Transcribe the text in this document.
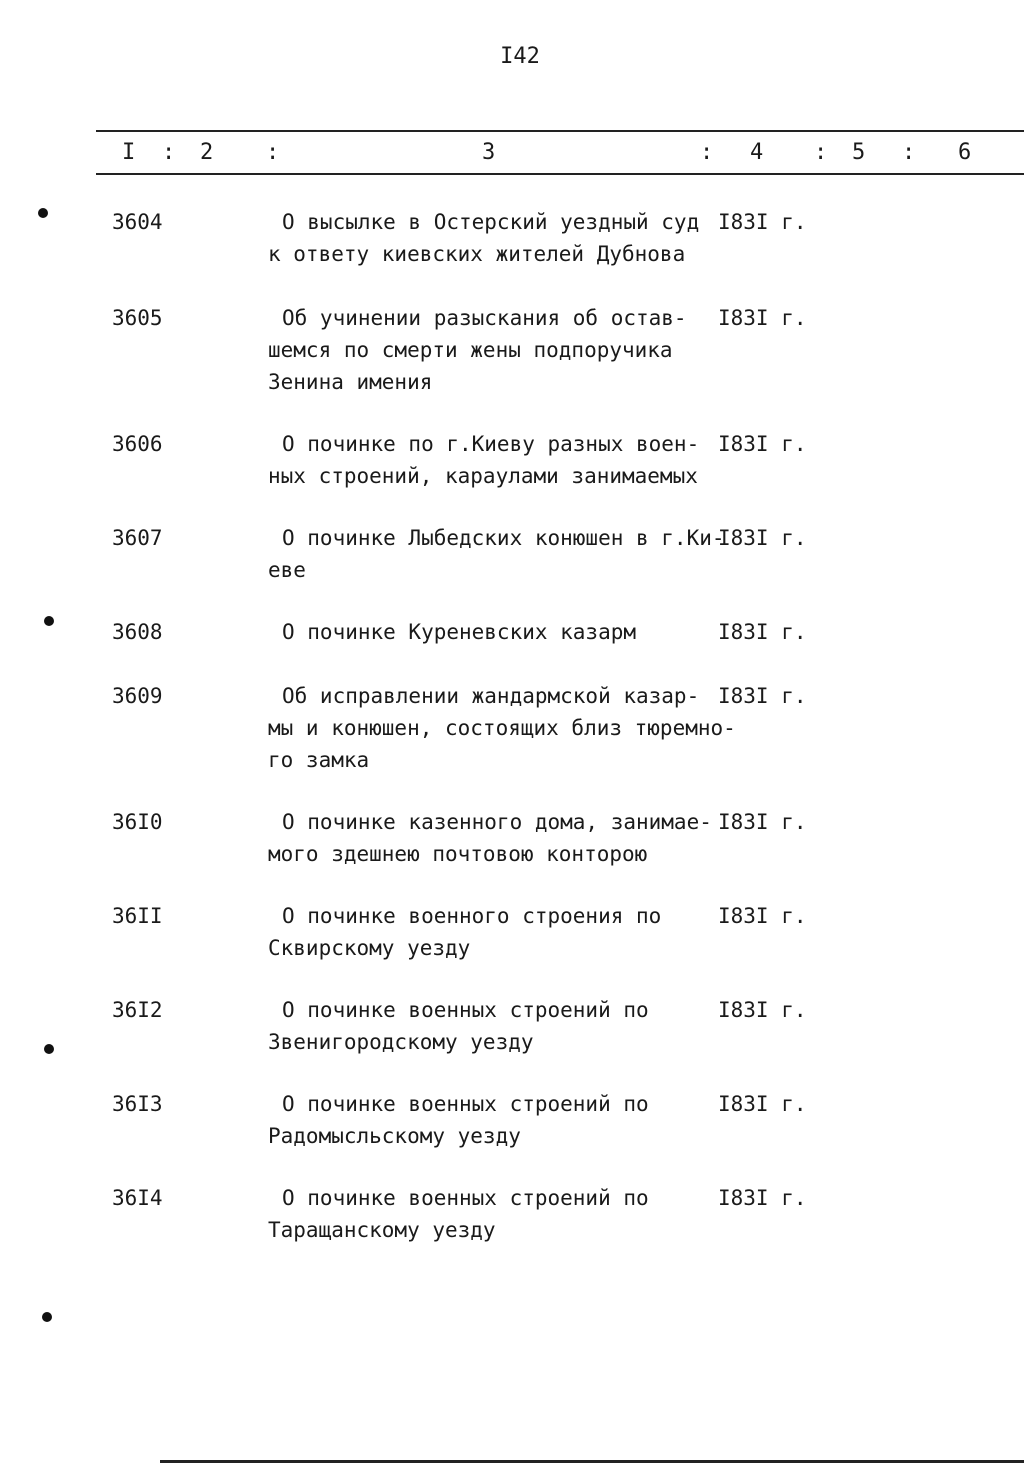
I42
I : 2 :	3	: 4 : 5 : 6
3604	О высылке в Остерский уездный суд
к ответу киевских жителей Дубнова
I83I г.
3605	Об учинении разыскания об остав-
шемся по смерти жены подпоручика
Зенина имения
I83I г.
3606	О починке по г.Киеву разных воен-
ных строений, караулами занимаемых
I83I г.
3607	О починке Лыбедских конюшен в г.Ки-
еве
I83I г.
3608	О починке Куреневских казарм	I83I г.
3609	Об исправлении жандармской казар-
мы и конюшен, состоящих близ тюремно-
го замка
I83I г.
36I0	О починке казенного дома, занимае-
мого здешнею почтовою конторою
I83I г.
36II	О починке военного строения по
Сквирскому уезду
I83I г.
36I2	О починке военных строений по
Звенигородскому уезду
I83I г.
36I3	О починке военных строений по
Радомысльскому уезду
I83I г.
36I4	О починке военных строений по
Таращанскому уезду
I83I г.
